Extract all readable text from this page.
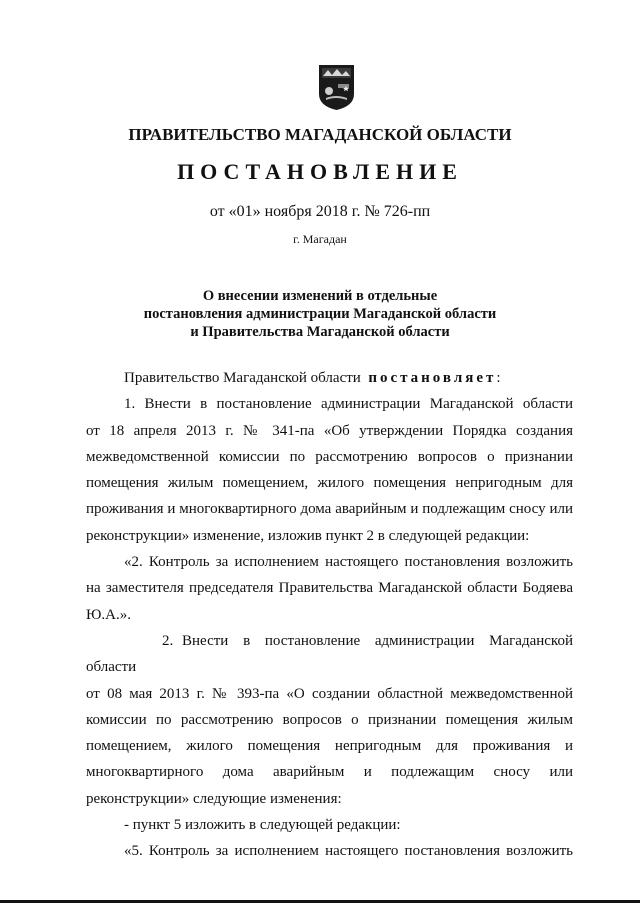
ПРАВИТЕЛЬСТВО МАГАДАНСКОЙ ОБЛАСТИ
ПОСТАНОВЛЕНИЕ
от «01» ноября 2018 г. № 726-пп
г. Магадан
О внесении изменений в отдельные
постановления администрации Магаданской области
и Правительства Магаданской области

Правительство Магаданской области постановляет:

1. Внести в постановление администрации Магаданской области

от 18 апреля 2013 г. № 341-па «Об утверждении Порядка создания

межведомственной комиссии по рассмотрению вопросов о признании

помещения жилым помещением, жилого помещения непригодным для

проживания и многоквартирного дома аварийным и подлежащим сносу или

реконструкции» изменение, изложив пункт 2 в следующей редакции:

«2. Контроль за исполнением настоящего постановления возложить

на заместителя председателя Правительства Магаданской области Бодяева

Ю.А.».

2. Внести в постановление администрации Магаданской области

от 08 мая 2013 г. № 393-па «О создании областной межведомственной

комиссии по рассмотрению вопросов о признании помещения жилым

помещением, жилого помещения непригодным для проживания и

многоквартирного дома аварийным и подлежащим сносу или

реконструкции» следующие изменения:

- пункт 5 изложить в следующей редакции:

«5. Контроль за исполнением настоящего постановления возложить
